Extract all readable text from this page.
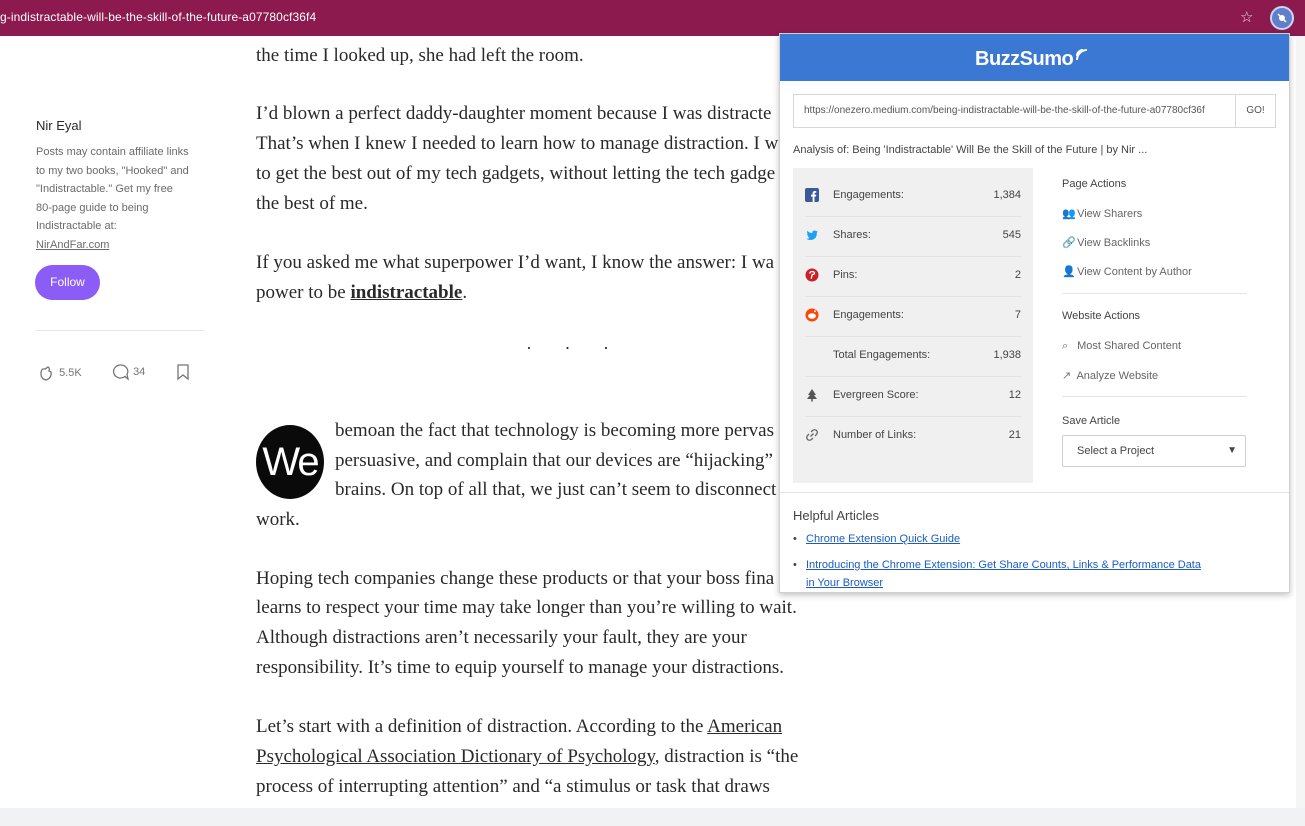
g-indistractable-will-be-the-skill-of-the-future-a07780cf36f4	☆
Nir Eyal
Posts may contain affiliate links
to my two books, "Hooked" and
"Indistractable." Get my free
80-page guide to being
Indistractable at:
NirAndFar.com
Follow
5.5K	34
the time I looked up, she had left the room.
I’d blown a perfect daddy-daughter moment because I was distracte
That’s when I knew I needed to learn how to manage distraction. I w
to get the best out of my tech gadgets, without letting the tech gadge
the best of me.
If you asked me what superpower I’d want, I know the answer: I wa
power to be indistractable.
· · ·
We
bemoan the fact that technology is becoming more pervas
persuasive, and complain that our devices are “hijacking”
brains. On top of all that, we just can’t seem to disconnect
work.
Hoping tech companies change these products or that your boss fina
learns to respect your time may take longer than you’re willing to wait.
Although distractions aren’t necessarily your fault, they are your
responsibility. It’s time to equip yourself to manage your distractions.
Let’s start with a definition of distraction. According to the American
Psychological Association Dictionary of Psychology, distraction is “the
process of interrupting attention” and “a stimulus or task that draws
BuzzSumo
https://onezero.medium.com/being-indistractable-will-be-the-skill-of-the-future-a07780cf36f	GO!
Analysis of: Being 'Indistractable' Will Be the Skill of the Future | by Nir ...
Engagements:	1,384
Shares:	545
Pins:	2
Engagements:	7
Total Engagements:	1,938
Evergreen Score:	12
Number of Links:	21
Page Actions
👥 View Sharers
🔗 View Backlinks
👤 View Content by Author
Website Actions
⌕ Most Shared Content
↗ Analyze Website
Save Article
Select a Project	▼
Helpful Articles
• Chrome Extension Quick Guide
• Introducing the Chrome Extension: Get Share Counts, Links & Performance Data in Your Browser
